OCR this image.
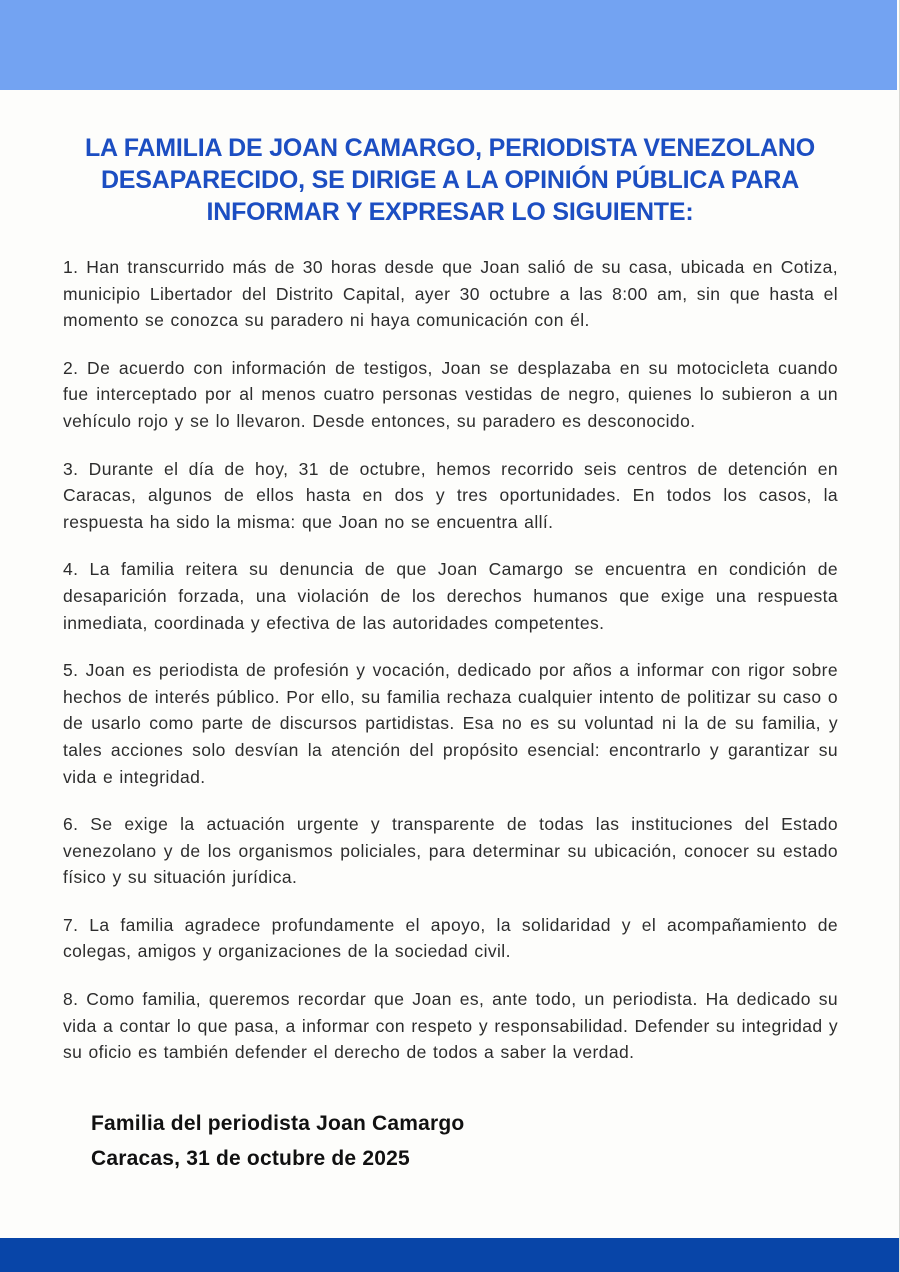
LA FAMILIA DE JOAN CAMARGO, PERIODISTA VENEZOLANO
DESAPARECIDO, SE DIRIGE A LA OPINIÓN PÚBLICA PARA
INFORMAR Y EXPRESAR LO SIGUIENTE:

1. Han transcurrido más de 30 horas desde que Joan salió de su casa, ubicada en Cotiza, municipio Libertador del Distrito Capital, ayer 30 octubre a las 8:00 am, sin que hasta el momento se conozca su paradero ni haya comunicación con él.

2. De acuerdo con información de testigos, Joan se desplazaba en su motocicleta cuando fue interceptado por al menos cuatro personas vestidas de negro, quienes lo subieron a un vehículo rojo y se lo llevaron. Desde entonces, su paradero es desconocido.

3. Durante el día de hoy, 31 de octubre, hemos recorrido seis centros de detención en Caracas, algunos de ellos hasta en dos y tres oportunidades. En todos los casos, la respuesta ha sido la misma: que Joan no se encuentra allí.

4. La familia reitera su denuncia de que Joan Camargo se encuentra en condición de desaparición forzada, una violación de los derechos humanos que exige una respuesta inmediata, coordinada y efectiva de las autoridades competentes.

5. Joan es periodista de profesión y vocación, dedicado por años a informar con rigor sobre hechos de interés público. Por ello, su familia rechaza cualquier intento de politizar su caso o de usarlo como parte de discursos partidistas. Esa no es su voluntad ni la de su familia, y tales acciones solo desvían la atención del propósito esencial: encontrarlo y garantizar su vida e integridad.

6. Se exige la actuación urgente y transparente de todas las instituciones del Estado venezolano y de los organismos policiales, para determinar su ubicación, conocer su estado físico y su situación jurídica.

7. La familia agradece profundamente el apoyo, la solidaridad y el acompañamiento de colegas, amigos y organizaciones de la sociedad civil.

8. Como familia, queremos recordar que Joan es, ante todo, un periodista. Ha dedicado su vida a contar lo que pasa, a informar con respeto y responsabilidad. Defender su integridad y su oficio es también defender el derecho de todos a saber la verdad.

Familia del periodista Joan Camargo
Caracas, 31 de octubre de 2025
